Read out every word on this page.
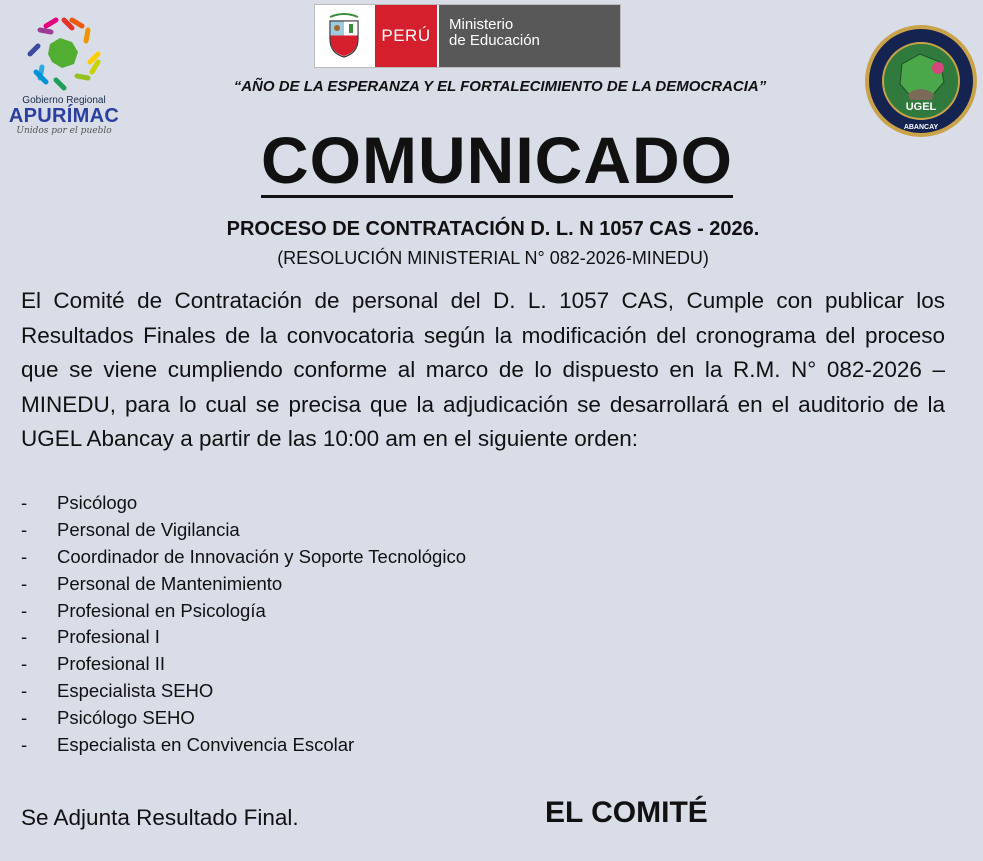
Gobierno Regional
APURÍMAC
Unidos por el pueblo
PERÚ
Ministerio
de Educación
UGEL
ABANCAY
“AÑO DE LA ESPERANZA Y EL FORTALECIMIENTO DE LA DEMOCRACIA”
COMUNICADO
PROCESO DE CONTRATACIÓN D. L. N 1057 CAS - 2026.
(RESOLUCIÓN MINISTERIAL N° 082-2026-MINEDU)
El Comité de Contratación de personal del D. L. 1057 CAS, Cumple con publicar los Resultados Finales de la convocatoria según la modificación del cronograma del proceso que se viene cumpliendo conforme al marco de lo dispuesto en la R.M. N° 082-2026 – MINEDU, para lo cual se precisa que la adjudicación se desarrollará en el auditorio de la UGEL Abancay a partir de las 10:00 am en el siguiente orden:
-	Psicólogo
-	Personal de Vigilancia
-	Coordinador de Innovación y Soporte Tecnológico
-	Personal de Mantenimiento
-	Profesional en Psicología
-	Profesional I
-	Profesional II
-	Especialista SEHO
-	Psicólogo SEHO
-	Especialista en Convivencia Escolar
Se Adjunta Resultado Final.	EL COMITÉ
